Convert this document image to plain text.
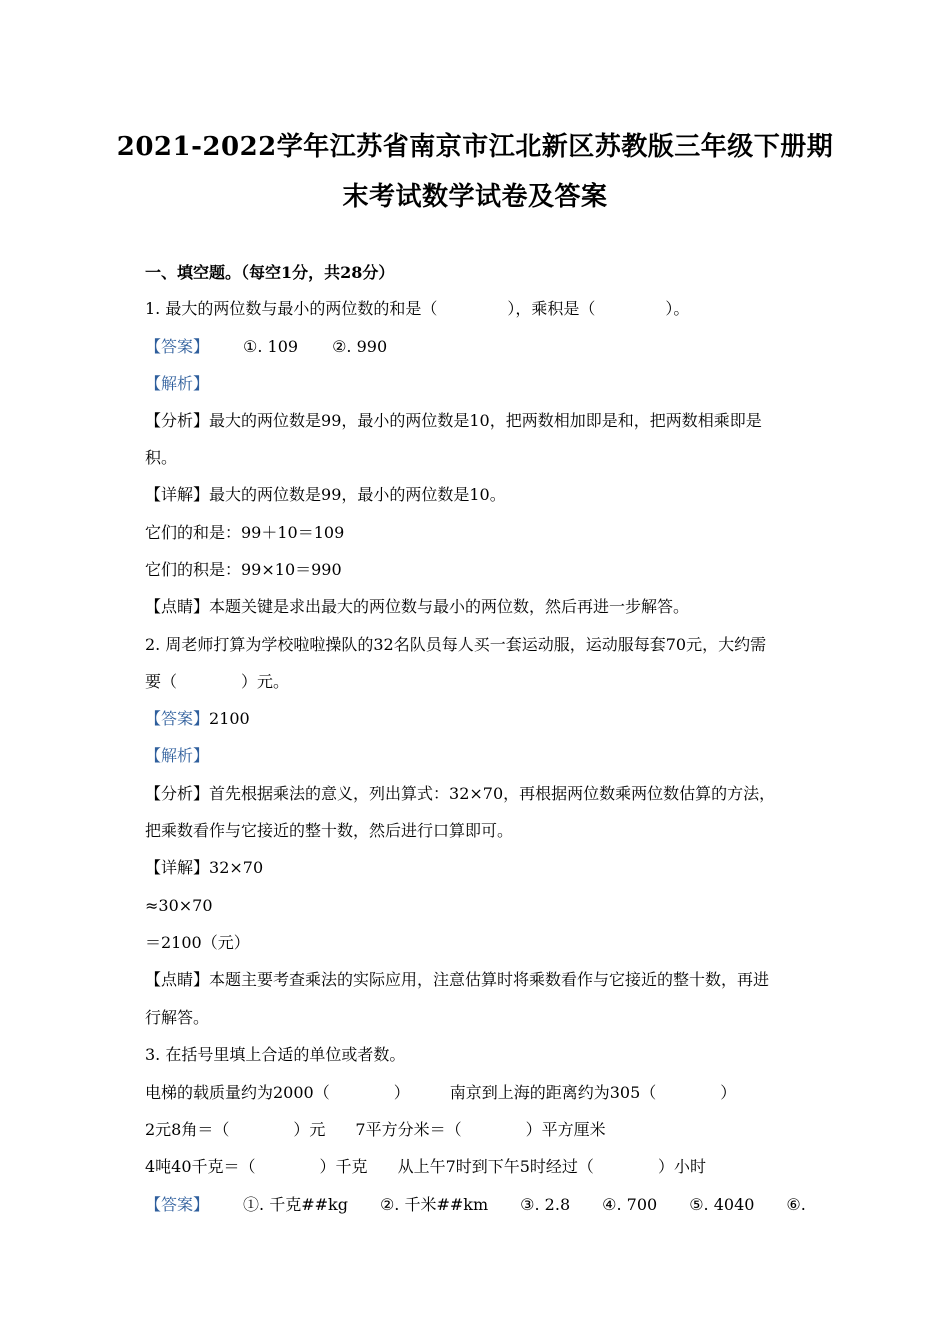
2021-2022学年江苏省南京市江北新区苏教版三年级下册期
末考试数学试卷及答案
一、填空题。（每空1分，共28分）
1. 最大的两位数与最小的两位数的和是（	），乘积是（	）。
【答案】 ①. 109 ②. 990
【解析】
【分析】最大的两位数是99，最小的两位数是10，把两数相加即是和，把两数相乘即是
积。
【详解】最大的两位数是99，最小的两位数是10。
它们的和是：99＋10＝109
它们的积是：99×10＝990
【点睛】本题关键是求出最大的两位数与最小的两位数，然后再进一步解答。
2. 周老师打算为学校啦啦操队的32名队员每人买一套运动服，运动服每套70元，大约需
要（	）元。
【答案】2100
【解析】
【分析】首先根据乘法的意义，列出算式：32×70，再根据两位数乘两位数估算的方法，
把乘数看作与它接近的整十数，然后进行口算即可。
【详解】32×70
≈30×70
＝2100（元）
【点睛】本题主要考查乘法的实际应用，注意估算时将乘数看作与它接近的整十数，再进
行解答。
3. 在括号里填上合适的单位或者数。
电梯的载质量约为2000（	）	南京到上海的距离约为305（	）
2元8角＝（	）元 7平方分米＝（	）平方厘米
4吨40千克＝（	）千克 从上午7时到下午5时经过（	）小时
【答案】 ①. 千克##kg ②. 千米##km ③. 2.8 ④. 700 ⑤. 4040 ⑥.
